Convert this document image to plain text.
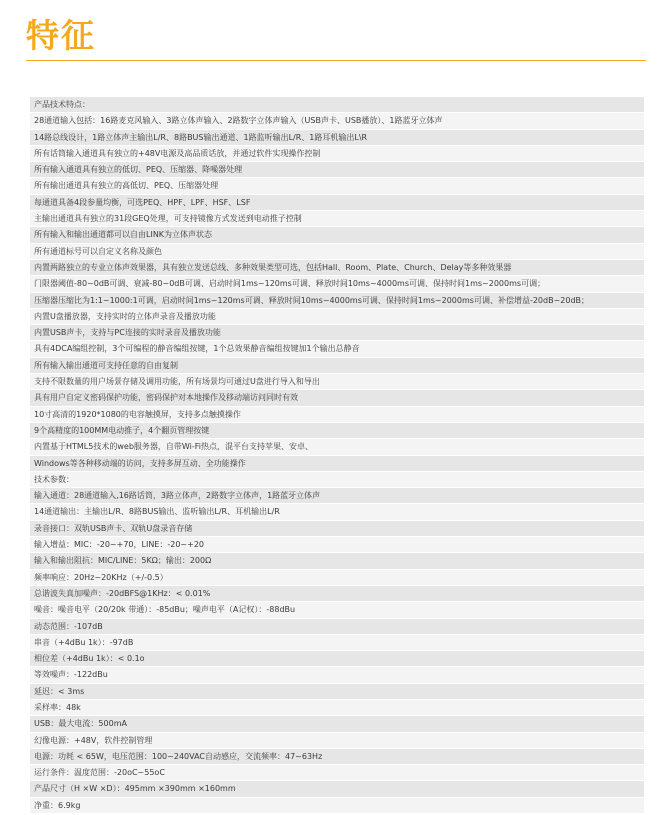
特征
产品技术特点：
28通道输入包括：16路麦克风输入、3路立体声输入、2路数字立体声输入（USB声卡、USB播放）、1路蓝牙立体声
14路总线设计，1路立体声主输出L/R、8路BUS输出通道、1路监听输出L/R、1路耳机输出L\R
所有话筒输入通道具有独立的+48V电源及高品质话放，并通过软件实现操作控制
所有输入通道具有独立的低切、PEQ、压缩器、降噪器处理
所有输出通道具有独立的高低切、PEQ、压缩器处理
每通道具备4段参量均衡，可选PEQ、HPF、LPF、HSF、LSF
主输出通道具有独立的31段GEQ处理，可支持镜像方式发送到电动推子控制
所有输入和输出通道都可以自由LINK为立体声状态
所有通道标号可以自定义名称及颜色
内置两路独立的专业立体声效果器，具有独立发送总线、多种效果类型可选，包括Hall、Room、Plate、Church、Delay等多种效果器
门限器阈值-80~0dB可调、衰减-80~0dB可调、启动时间1ms~120ms可调、释放时间10ms~4000ms可调、保持时间1ms~2000ms可调；
压缩器压缩比为1:1~1000:1可调，启动时间1ms~120ms可调、释放时间10ms~4000ms可调、保持时间1ms~2000ms可调、补偿增益-20dB~20dB；
内置U盘播放器，支持实时的立体声录音及播放功能
内置USB声卡，支持与PC连接的实时录音及播放功能
具有4DCA编组控制，3个可编程的静音编组按键，1个总效果静音编组按键加1个输出总静音
所有输入输出通道可支持任意的自由复制
支持不限数量的用户场景存储及调用功能，所有场景均可通过U盘进行导入和导出
具有用户自定义密码保护功能，密码保护对本地操作及移动端访问同时有效
10寸高清的1920*1080的电容触摸屏，支持多点触摸操作
9个高精度的100MM电动推子，4个翻页管理按键
内置基于HTML5技术的web服务器，自带Wi-Fi热点，混平台支持苹果、安卓、
Windows等各种移动端的访问，支持多屏互动、全功能操作
技术参数：
输入通道：28通道输入,16路话筒，3路立体声，2路数字立体声，1路蓝牙立体声
14通道输出：主输出L/R、8路BUS输出、监听输出L/R、耳机输出L/R
录音接口：双轨USB声卡、双轨U盘录音存储
输入增益：MIC：-20~+70，LINE：-20~+20
输入和输出阻抗：MIC/LINE：5KΩ；输出：200Ω
频率响应：20Hz~20KHz（+/-0.5）
总谐波失真加噪声：-20dBFS@1KHz：< 0.01%
噪音：噪音电平（20/20k 带通）：-85dBu；噪声电平（A记权）：-88dBu
动态范围：-107dB
串音（+4dBu 1k）：-97dB
相位差（+4dBu 1k）：< 0.1o
等效噪声：-122dBu
延迟：< 3ms
采样率：48k
USB：最大电流：500mA
幻像电源：+48V，软件控制管理
电源：功耗 < 65W，电压范围：100~240VAC自动感应，交流频率：47~63Hz
运行条件：温度范围：-20oC~55oC
产品尺寸（H ×W ×D）：495mm ×390mm ×160mm
净重：6.9kg
